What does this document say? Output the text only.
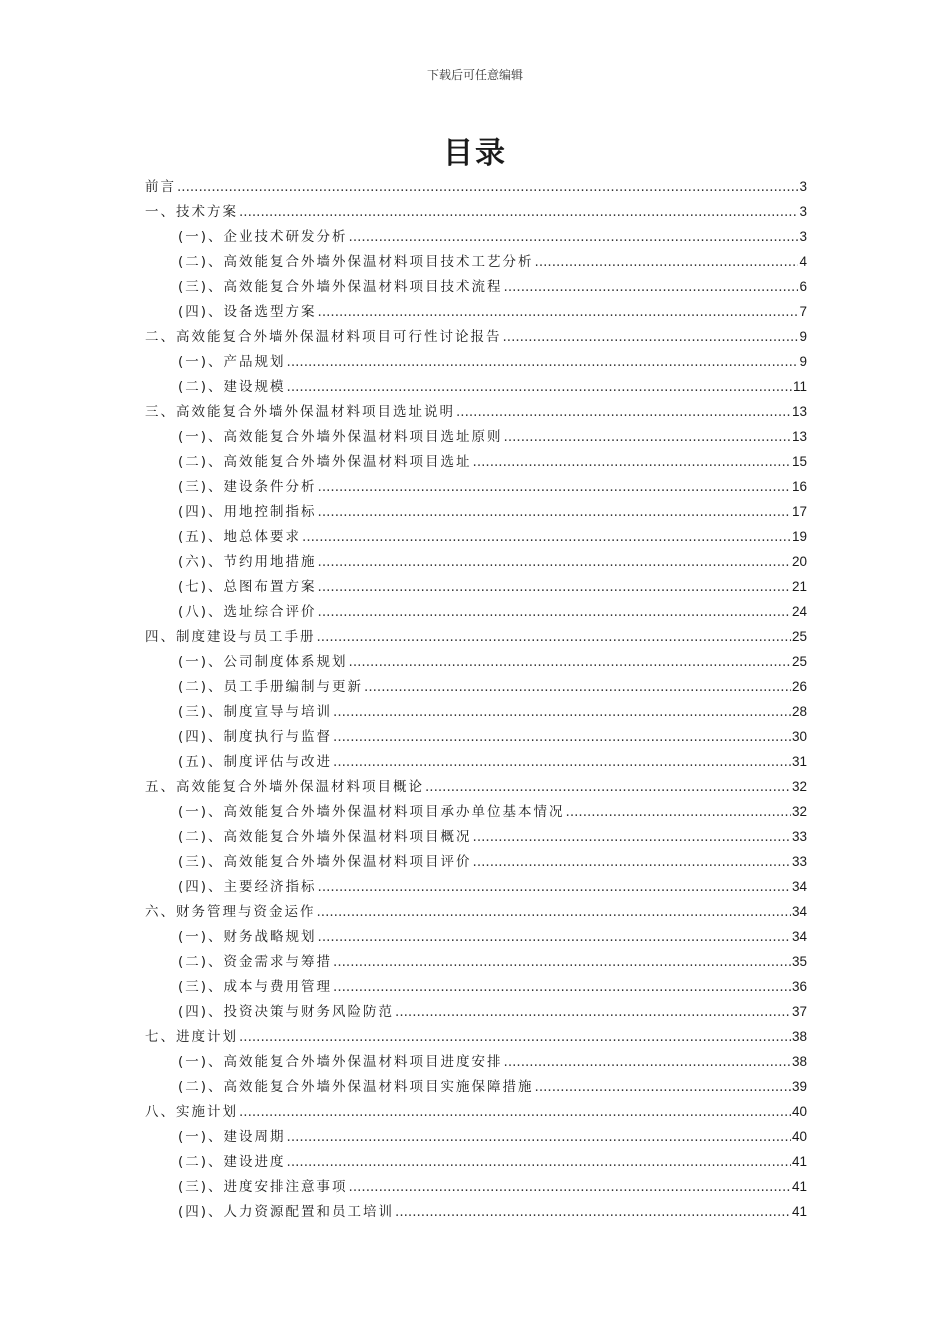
下载后可任意编辑
目录
前言 .....	3
一、技术方案 .....	3
(一)、企业技术研发分析 .....	3
(二)、高效能复合外墙外保温材料项目技术工艺分析 .....	4
(三)、高效能复合外墙外保温材料项目技术流程 .....	6
(四)、设备选型方案 .....	7
二、高效能复合外墙外保温材料项目可行性讨论报告 .....	9
(一)、产品规划 .....	9
(二)、建设规模 .....	11
三、高效能复合外墙外保温材料项目选址说明 .....	13
(一)、高效能复合外墙外保温材料项目选址原则 .....	13
(二)、高效能复合外墙外保温材料项目选址 .....	15
(三)、建设条件分析 .....	16
(四)、用地控制指标 .....	17
(五)、地总体要求 .....	19
(六)、节约用地措施 .....	20
(七)、总图布置方案 .....	21
(八)、选址综合评价 .....	24
四、制度建设与员工手册 .....	25
(一)、公司制度体系规划 .....	25
(二)、员工手册编制与更新 .....	26
(三)、制度宣导与培训 .....	28
(四)、制度执行与监督 .....	30
(五)、制度评估与改进 .....	31
五、高效能复合外墙外保温材料项目概论 .....	32
(一)、高效能复合外墙外保温材料项目承办单位基本情况 .....	32
(二)、高效能复合外墙外保温材料项目概况 .....	33
(三)、高效能复合外墙外保温材料项目评价 .....	33
(四)、主要经济指标 .....	34
六、财务管理与资金运作 .....	34
(一)、财务战略规划 .....	34
(二)、资金需求与筹措 .....	35
(三)、成本与费用管理 .....	36
(四)、投资决策与财务风险防范 .....	37
七、进度计划 .....	38
(一)、高效能复合外墙外保温材料项目进度安排 .....	38
(二)、高效能复合外墙外保温材料项目实施保障措施 .....	39
八、实施计划 .....	40
(一)、建设周期 .....	40
(二)、建设进度 .....	41
(三)、进度安排注意事项 .....	41
(四)、人力资源配置和员工培训 .....	41
